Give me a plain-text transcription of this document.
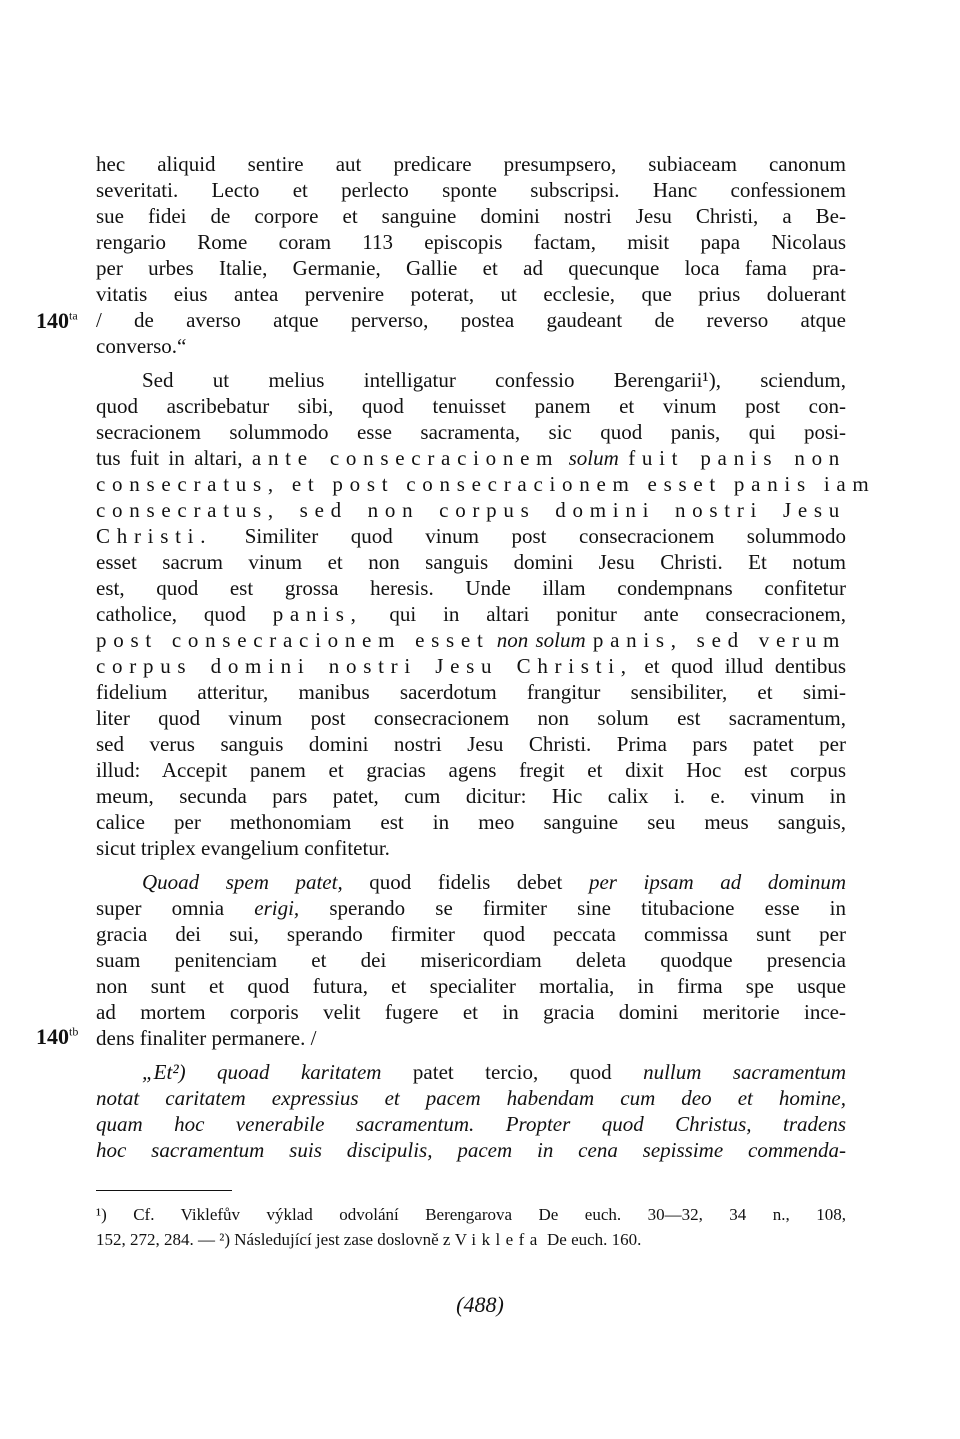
hec aliquid sentire aut predicare presumpsero, subiaceam canonum
severitati. Lecto et perlecto sponte subscripsi. Hanc confessionem
sue fidei de corpore et sanguine domini nostri Jesu Christi, a Be-
rengario Rome coram 113 episcopis factam, misit papa Nicolaus
per urbes Italie, Germanie, Gallie et ad quecunque loca fama pra-
vitatis eius antea pervenire poterat, ut ecclesie, que prius doluerant
/ de averso atque perverso, postea gaudeant de reverso atque
converso.“
Sed ut melius intelligatur confessio Berengarii¹), sciendum,
quod ascribebatur sibi, quod tenuisset panem et vinum post con-
secracionem solummodo esse sacramenta, sic quod panis, qui posi-
tus fuit in altari, ante consecracionem solum fuit panis non
consecratus, et post consecracionem esset panis iam
consecratus, sed non corpus domini nostri Jesu
Christi. Similiter quod vinum post consecracionem solummodo
esset sacrum vinum et non sanguis domini Jesu Christi. Et notum
est, quod est grossa heresis. Unde illam condempnans confitetur
catholice, quod panis, qui in altari ponitur ante consecracionem,
post consecracionem esset non solum panis, sed verum
corpus domini nostri Jesu Christi, et quod illud dentibus
fidelium atteritur, manibus sacerdotum frangitur sensibiliter, et simi-
liter quod vinum post consecracionem non solum est sacramentum,
sed verus sanguis domini nostri Jesu Christi. Prima pars patet per
illud: Accepit panem et gracias agens fregit et dixit Hoc est corpus
meum, secunda pars patet, cum dicitur: Hic calix i. e. vinum in
calice per methonomiam est in meo sanguine seu meus sanguis,
sicut triplex evangelium confitetur.
Quoad spem patet, quod fidelis debet per ipsam ad dominum
super omnia erigi, sperando se firmiter sine titubacione esse in
gracia dei sui, sperando firmiter quod peccata commissa sunt per
suam penitenciam et dei misericordiam deleta quodque presencia
non sunt et quod futura, et specialiter mortalia, in firma spe usque
ad mortem corporis velit fugere et in gracia domini meritorie ince-
dens finaliter permanere. /
„Et²) quoad karitatem patet tercio, quod nullum sacramentum
notat caritatem expressius et pacem habendam cum deo et homine,
quam hoc venerabile sacramentum. Propter quod Christus, tradens
hoc sacramentum suis discipulis, pacem in cena sepissime commenda-
$140^{ta}$
$140^{tb}$
¹) Cf. Viklefův výklad odvolání Berengarova De euch. 30—32, 34 n., 108,
152, 272, 284. — ²) Následující jest zase doslovně z Viklefa De euch. 160.
(488)
